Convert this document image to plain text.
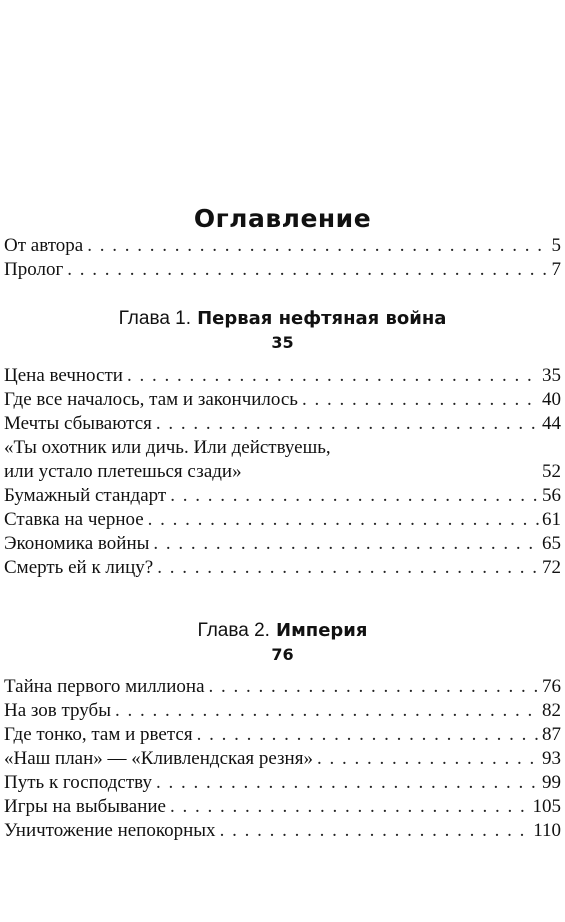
Оглавление
От автора . . .	5
Пролог . . .	7
Глава 1. Первая нефтяная война
35
Цена вечности . . .	35
Где все началось, там и закончилось . . .	40
Мечты сбываются . . .	44
«Ты охотник или дичь. Или действуешь,
или устало плетешься сзади»	52
Бумажный стандарт . . .	56
Ставка на черное . . .	61
Экономика войны . . .	65
Смерть ей к лицу? . . .	72
Глава 2. Империя
76
Тайна первого миллиона . . .	76
На зов трубы . . .	82
Где тонко, там и рвется . . .	87
«Наш план» — «Кливлендская резня» . . .	93
Путь к господству . . .	99
Игры на выбывание . . .	105
Уничтожение непокорных . . .	110
